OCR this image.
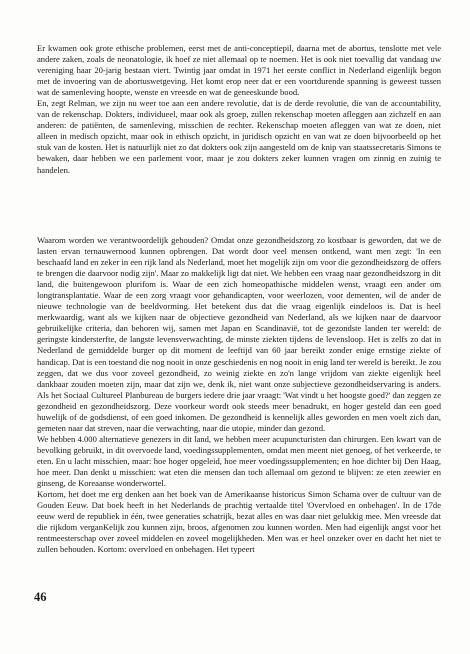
Er kwamen ook grote ethische problemen, eerst met de anti-conceptiepil, daarna met de abortus, tenslotte met vele andere zaken, zoals de neonatologie, ik hoef ze niet allemaal op te noemen. Het is ook niet toevallig dat vandaag uw vereniging haar 20-jarig bestaan viert. Twintig jaar omdat in 1971 het eerste conflict in Nederland eigenlijk begon met de invoering van de abortuswetgeving. Het komt erop neer dat er een voortdurende spanning is geweest tussen wat de samenleving hoopte, wenste en vreesde en wat de geneeskunde bood.

En, zegt Relman, we zijn nu weer toe aan een andere revolutie, dat is de derde revolutie, die van de accountability, van de rekenschap. Dokters, individueel, maar ook als groep, zullen rekenschap moeten afleggen aan zichzelf en aan anderen: de patiënten, de samenleving, misschien de rechter. Rekenschap moeten afleggen van wat ze doen, niet alleen in medisch opzicht, maar ook in ethisch opzicht, in juridisch opzicht en van wat ze doen bijvoorbeeld op het stuk van de kosten. Het is natuurlijk niet zo dat dokters ook zijn aangesteld om de knip van staatssecretaris Simons te bewaken, daar hebben we een parlement voor, maar je zou dokters zeker kunnen vragen om zinnig en zuinig te handelen.

Waarom worden we verantwoordelijk gehouden? Omdat onze gezondheidszorg zo kostbaar is geworden, dat we de lasten ervan ternauwernood kunnen opbrengen. Dat wordt door veel mensen ontkend, want men zegt: 'In een beschaafd land en zeker in een rijk land als Nederland, moet het mogelijk zijn om voor die gezondheidszorg de offers te brengen die daarvoor nodig zijn'. Maar zo makkelijk ligt dat niet. We hebben een vraag naar gezondheidszorg in dit land, die buitengewoon plurifom is. Waar de een zich homeopathische middelen wenst, vraagt een ander om longtransplantatie. Waar de een zorg vraagt voor gehandicapten, voor weerlozen, voor dementen, wil de ander de nieuwe technologie van de beeldvorming. Het betekent dus dat die vraag eigenlijk eindeloos is. Dat is heel merkwaardig, want als we kijken naar de objectieve gezondheid van Nederland, als we kijken naar de daarvoor gebruikelijke criteria, dan behoren wij, samen met Japan en Scandinavië, tot de gezondste landen ter wereld: de geringste kindersterfte, de langste levensverwachting, de minste ziekten tijdens de levensloop. Het is zelfs zo dat in Nederland de gemiddelde burger op dit moment de leeftijd van 60 jaar bereikt zonder enige ernstige ziekte of handicap. Dat is een toestand die nog nooit in onze geschiedenis en nog nooit in enig land ter wereld is bereikt. Je zou zeggen, dat we dus voor zoveel gezondheid, zo weinig ziekte en zo'n lange vrijdom van ziekte eigenlijk heel dankbaar zouden moeten zijn, maar dat zijn we, denk ik, niet want onze subjectieve gezondheidservaring is anders. Als het Sociaal Cultureel Planbureau de burgers iedere drie jaar vraagt: 'Wat vindt u het hoogste goed?' dan zeggen ze gezondheid en gezondheidszorg. Deze voorkeur wordt ook steeds meer benadrukt, en hoger gesteld dan een goed huwelijk of de godsdienst, of een goed inkomen. De gezondheid is kennelijk alles geworden en men voelt zich dan, gemeten naar dat streven, naar die verwachting, naar die utopie, minder dan gezond.

We hebben 4.000 alternatieve genezers in dit land, we hebben meer acupuncturisten dan chirurgen. Een kwart van de bevolking gebruikt, in dit overvoede land, voedingssupplementen, omdat men meent niet genoeg, of het verkeerde, te eten. En u lacht misschien, maar: hoe hoger opgeleid, hoe meer voedingssupplementen; en hoe dichter bij Den Haag, hoe meer. Dan denkt u misschien: wat eten die mensen dan toch allemaal om gezond te blijven: ze eten zeewier en ginseng, de Koreaanse wonderwortel.

Kortom, het doet me erg denken aan het boek van de Amerikaanse historicus Simon Schama over de cultuur van de Gouden Eeuw. Dat boek heeft in het Nederlands de prachtig vertaalde titel 'Overvloed en onbehagen'. In de 17de eeuw werd de republiek in één, twee generaties schatrijk, bezat alles en was daar niet gelukkig mee. Men vreesde dat die rijkdom verganKelijk zou kunnen zijn, broos, afgenomen zou kunnen worden. Men had eigenlijk angst voor het rentmeesterschap over zoveel middelen en zoveel mogelijkheden. Men was er heel onzeker over en dacht het niet te zullen behouden. Kortom: overvloed en onbehagen. Het typeert

46
